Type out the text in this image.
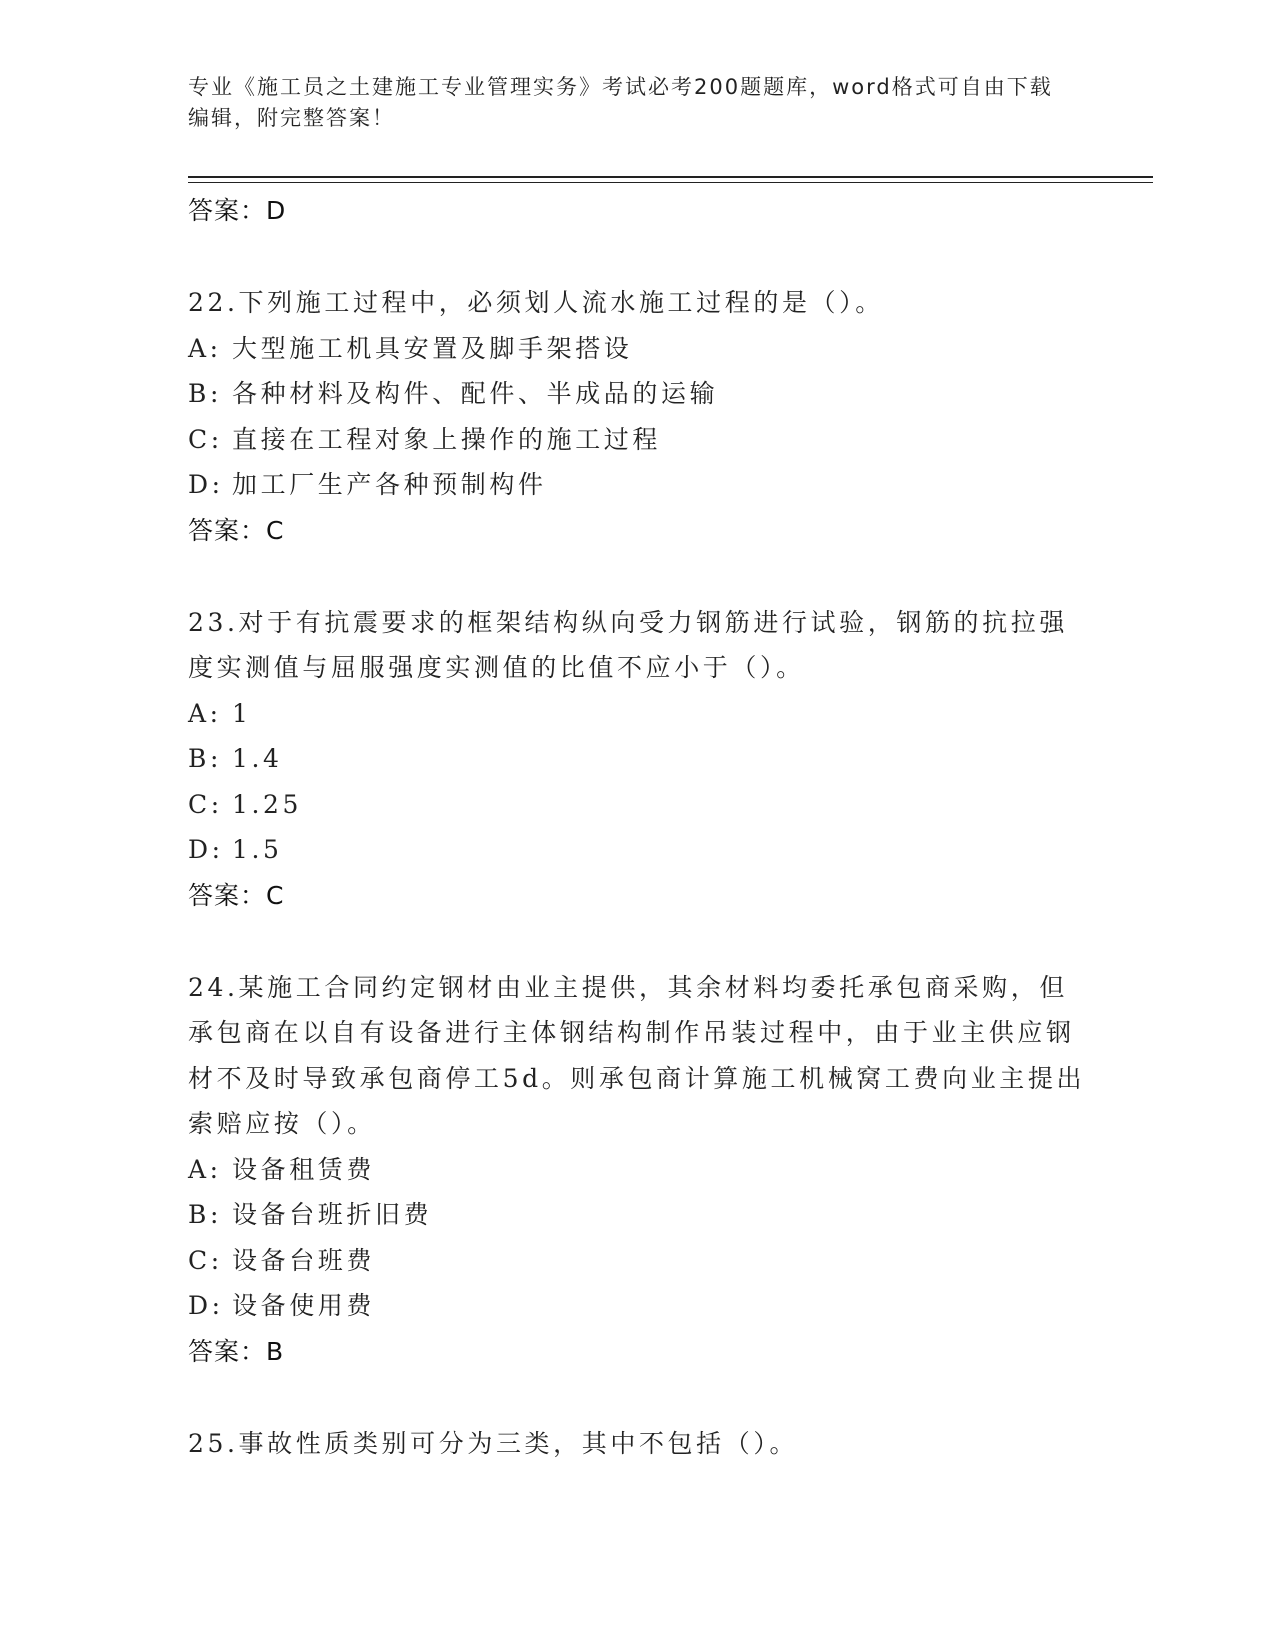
专业《施工员之土建施工专业管理实务》考试必考200题题库，word格式可自由下载编辑，附完整答案！
答案：D
22.下列施工过程中，必须划人流水施工过程的是（）。
A: 大型施工机具安置及脚手架搭设
B: 各种材料及构件、配件、半成品的运输
C: 直接在工程对象上操作的施工过程
D: 加工厂生产各种预制构件
答案：C
23.对于有抗震要求的框架结构纵向受力钢筋进行试验，钢筋的抗拉强度实测值与屈服强度实测值的比值不应小于（）。
A: 1
B: 1.4
C: 1.25
D: 1.5
答案：C
24.某施工合同约定钢材由业主提供，其余材料均委托承包商采购，但承包商在以自有设备进行主体钢结构制作吊装过程中，由于业主供应钢材不及时导致承包商停工5d。则承包商计算施工机械窝工费向业主提出索赔应按（）。
A: 设备租赁费
B: 设备台班折旧费
C: 设备台班费
D: 设备使用费
答案：B
25.事故性质类别可分为三类，其中不包括（）。
